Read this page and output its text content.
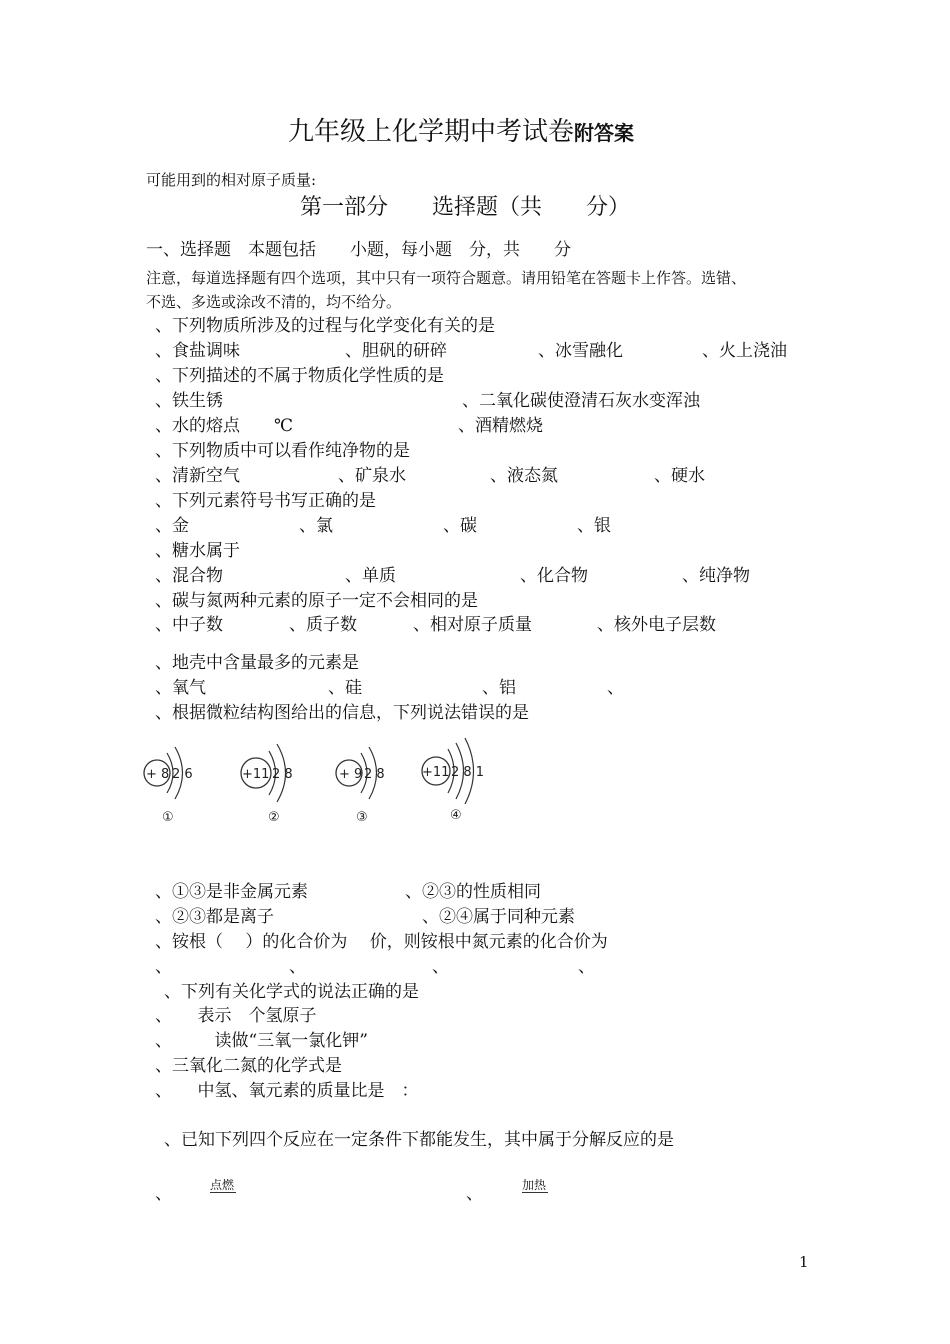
九年级上化学期中考试卷附答案
可能用到的相对原子质量:
第一部分　　选择题（共　　分）
一、选择题　本题包括　　小题，每小题　分，共　　分
注意，每道选择题有四个选项，其中只有一项符合题意。请用铅笔在答题卡上作答。选错、
不选、多选或涂改不清的，均不给分。
、下列物质所涉及的过程与化学变化有关的是
、食盐调味	、胆矾的研碎	、冰雪融化	、火上浇油
、下列描述的不属于物质化学性质的是
、铁生锈	、二氧化碳使澄清石灰水变浑浊
、水的熔点　　℃	、酒精燃烧
、下列物质中可以看作纯净物的是
、清新空气	、矿泉水	、液态氮	、硬水
、下列元素符号书写正确的是
、金	、氯	、碳	、银
、糖水属于
、混合物	、单质	、化合物	、纯净物
、碳与氮两种元素的原子一定不会相同的是
、中子数	、质子数	、相对原子质量	、核外电子层数
、地壳中含量最多的元素是
、氧气	、硅	、铝	、
、根据微粒结构图给出的信息，下列说法错误的是
+ 8 2 6
①
+11 2 8
②
+ 9 2 8
③
+11 2 8 1
④
、①③是非金属元素	、②③的性质相同
、②③都是离子	、②④属于同种元素
、铵根（　 ）的化合价为　 价，则铵根中氮元素的化合价为
、	、	、	、
、下列有关化学式的说法正确的是
、　　表示　个氢原子
、　　　读做“三氧一氯化钾”
、三氧化二氮的化学式是
、　　中氢、氧元素的质量比是　：
、已知下列四个反应在一定条件下都能发生，其中属于分解反应的是
、	点燃	、	加热
1
